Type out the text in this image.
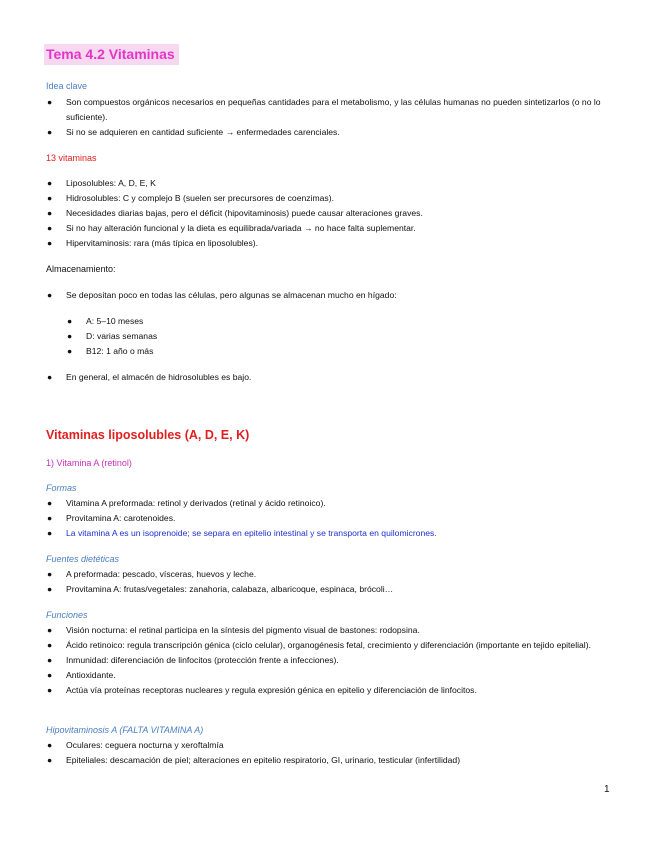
Tema 4.2 Vitaminas
Idea clave
● Son compuestos orgánicos necesarios en pequeñas cantidades para el metabolismo, y las células humanas no pueden sintetizarlos (o no lo suficiente).
● Si no se adquieren en cantidad suficiente → enfermedades carenciales.
13 vitaminas
● Liposolubles: A, D, E, K
● Hidrosolubles: C y complejo B (suelen ser precursores de coenzimas).
● Necesidades diarias bajas, pero el déficit (hipovitaminosis) puede causar alteraciones graves.
● Si no hay alteración funcional y la dieta es equilibrada/variada → no hace falta suplementar.
● Hipervitaminosis: rara (más típica en liposolubles).
Almacenamiento:
● Se depositan poco en todas las células, pero algunas se almacenan mucho en hígado:
● A: 5–10 meses
● D: varias semanas
● B12: 1 año o más
● En general, el almacén de hidrosolubles es bajo.
Vitaminas liposolubles (A, D, E, K)
1) Vitamina A (retinol)
Formas
● Vitamina A preformada: retinol y derivados (retinal y ácido retinoico).
● Provitamina A: carotenoides.
● La vitamina A es un isoprenoide; se separa en epitelio intestinal y se transporta en quilomicrones.
Fuentes dietéticas
● A preformada: pescado, vísceras, huevos y leche.
● Provitamina A: frutas/vegetales: zanahoria, calabaza, albaricoque, espinaca, brócoli…
Funciones
● Visión nocturna: el retinal participa en la síntesis del pigmento visual de bastones: rodopsina.
● Ácido retinoico: regula transcripción génica (ciclo celular), organogénesis fetal, crecimiento y diferenciación (importante en tejido epitelial).
● Inmunidad: diferenciación de linfocitos (protección frente a infecciones).
● Antioxidante.
● Actúa vía proteínas receptoras nucleares y regula expresión génica en epitelio y diferenciación de linfocitos.
Hipovitaminosis A (FALTA VITAMINA A)
● Oculares: ceguera nocturna y xeroftalmía
● Epiteliales: descamación de piel; alteraciones en epitelio respiratorio, GI, urinario, testicular (infertilidad)
1
